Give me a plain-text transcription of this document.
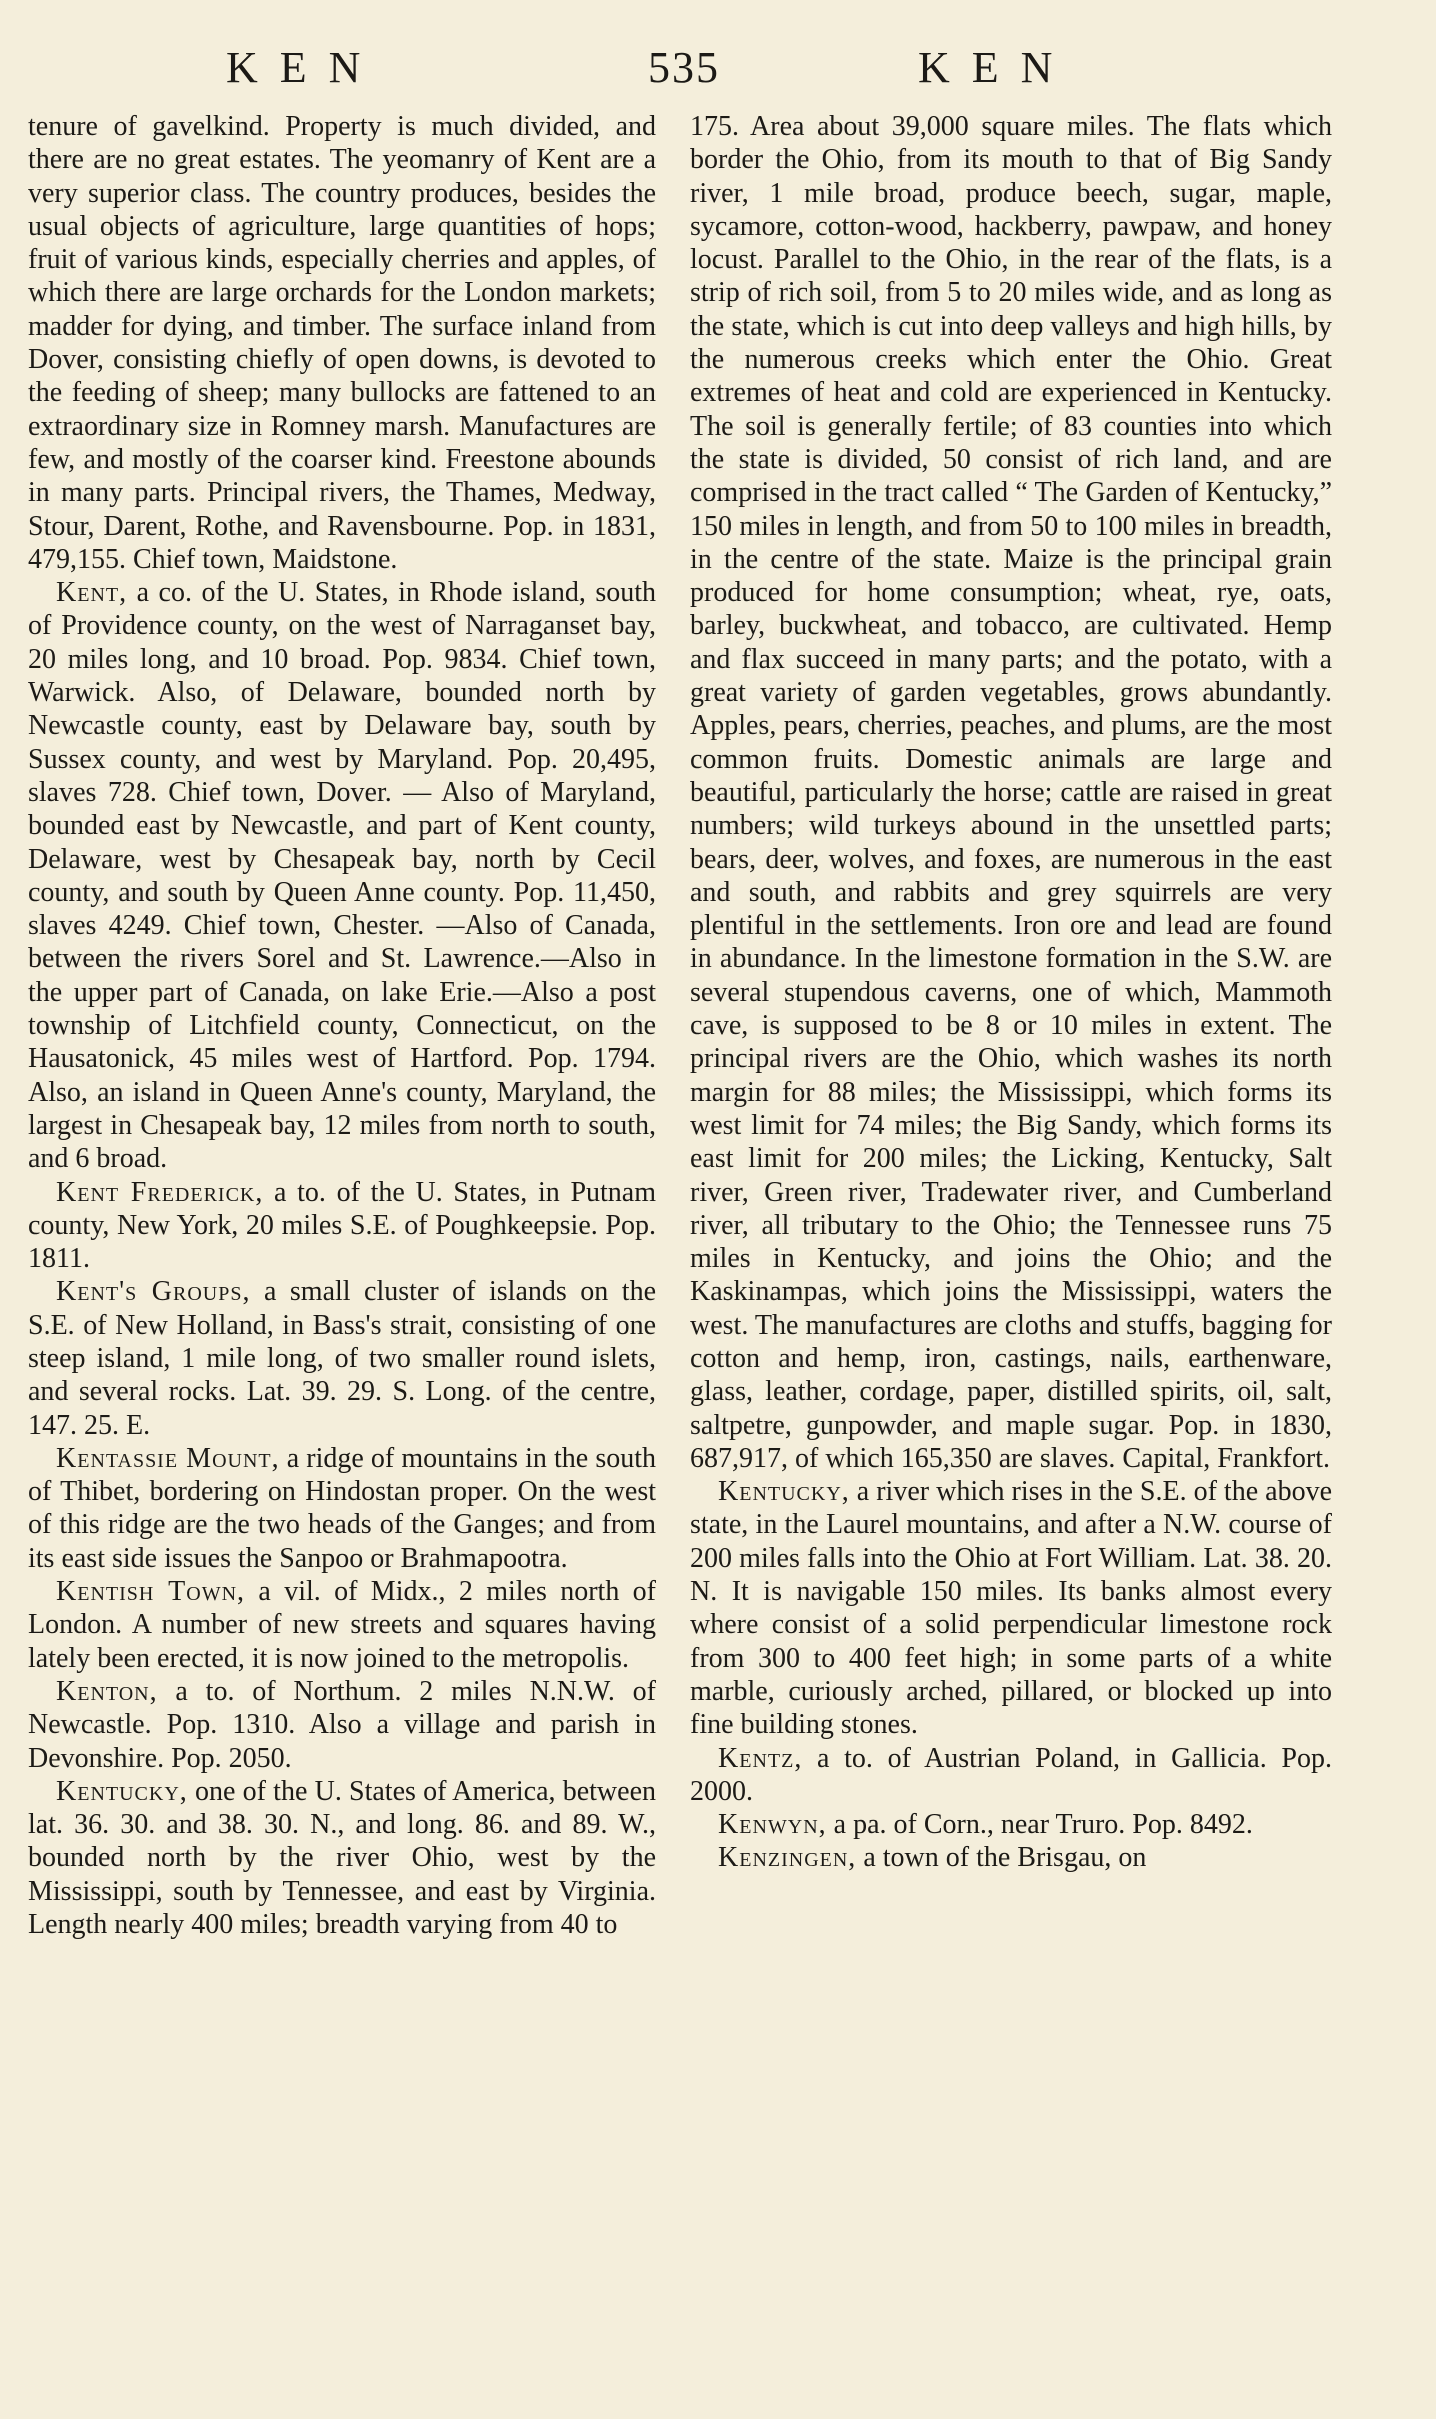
KEN	535	KEN

tenure of gavelkind. Property is much divided, and there are no great estates. The yeomanry of Kent are a very superior class. The country produces, besides the usual objects of agriculture, large quantities of hops; fruit of various kinds, especially cherries and apples, of which there are large orchards for the London markets; madder for dying, and timber. The surface inland from Dover, consisting chiefly of open downs, is devoted to the feeding of sheep; many bullocks are fattened to an extraordinary size in Romney marsh. Manufactures are few, and mostly of the coarser kind. Freestone abounds in many parts. Principal rivers, the Thames, Medway, Stour, Darent, Rothe, and Ravensbourne. Pop. in 1831, 479,155. Chief town, Maidstone.

Kent, a co. of the U. States, in Rhode island, south of Providence county, on the west of Narraganset bay, 20 miles long, and 10 broad. Pop. 9834. Chief town, Warwick. Also, of Delaware, bounded north by Newcastle county, east by Delaware bay, south by Sussex county, and west by Maryland. Pop. 20,495, slaves 728. Chief town, Dover. — Also of Maryland, bounded east by Newcastle, and part of Kent county, Delaware, west by Chesapeak bay, north by Cecil county, and south by Queen Anne county. Pop. 11,450, slaves 4249. Chief town, Chester. —Also of Canada, between the rivers Sorel and St. Lawrence.—Also in the upper part of Canada, on lake Erie.—Also a post township of Litchfield county, Connecticut, on the Hausatonick, 45 miles west of Hartford. Pop. 1794. Also, an island in Queen Anne's county, Maryland, the largest in Chesapeak bay, 12 miles from north to south, and 6 broad.

Kent Frederick, a to. of the U. States, in Putnam county, New York, 20 miles S.E. of Poughkeepsie. Pop. 1811.

Kent's Groups, a small cluster of islands on the S.E. of New Holland, in Bass's strait, consisting of one steep island, 1 mile long, of two smaller round islets, and several rocks. Lat. 39. 29. S. Long. of the centre, 147. 25. E.

Kentassie Mount, a ridge of mountains in the south of Thibet, bordering on Hindostan proper. On the west of this ridge are the two heads of the Ganges; and from its east side issues the Sanpoo or Brahmapootra.

Kentish Town, a vil. of Midx., 2 miles north of London. A number of new streets and squares having lately been erected, it is now joined to the metropolis.

Kenton, a to. of Northum. 2 miles N.N.W. of Newcastle. Pop. 1310. Also a village and parish in Devonshire. Pop. 2050.

Kentucky, one of the U. States of America, between lat. 36. 30. and 38. 30. N., and long. 86. and 89. W., bounded north by the river Ohio, west by the Mississippi, south by Tennessee, and east by Virginia. Length nearly 400 miles; breadth varying from 40 to

175. Area about 39,000 square miles. The flats which border the Ohio, from its mouth to that of Big Sandy river, 1 mile broad, produce beech, sugar, maple, sycamore, cotton-wood, hackberry, pawpaw, and honey locust. Parallel to the Ohio, in the rear of the flats, is a strip of rich soil, from 5 to 20 miles wide, and as long as the state, which is cut into deep valleys and high hills, by the numerous creeks which enter the Ohio. Great extremes of heat and cold are experienced in Kentucky. The soil is generally fertile; of 83 counties into which the state is divided, 50 consist of rich land, and are comprised in the tract called “ The Garden of Kentucky,” 150 miles in length, and from 50 to 100 miles in breadth, in the centre of the state. Maize is the principal grain produced for home consumption; wheat, rye, oats, barley, buckwheat, and tobacco, are cultivated. Hemp and flax succeed in many parts; and the potato, with a great variety of garden vegetables, grows abundantly. Apples, pears, cherries, peaches, and plums, are the most common fruits. Domestic animals are large and beautiful, particularly the horse; cattle are raised in great numbers; wild turkeys abound in the unsettled parts; bears, deer, wolves, and foxes, are numerous in the east and south, and rabbits and grey squirrels are very plentiful in the settlements. Iron ore and lead are found in abundance. In the limestone formation in the S.W. are several stupendous caverns, one of which, Mammoth cave, is supposed to be 8 or 10 miles in extent. The principal rivers are the Ohio, which washes its north margin for 88 miles; the Mississippi, which forms its west limit for 74 miles; the Big Sandy, which forms its east limit for 200 miles; the Licking, Kentucky, Salt river, Green river, Tradewater river, and Cumberland river, all tributary to the Ohio; the Tennessee runs 75 miles in Kentucky, and joins the Ohio; and the Kaskinampas, which joins the Mississippi, waters the west. The manufactures are cloths and stuffs, bagging for cotton and hemp, iron, castings, nails, earthenware, glass, leather, cordage, paper, distilled spirits, oil, salt, saltpetre, gunpowder, and maple sugar. Pop. in 1830, 687,917, of which 165,350 are slaves. Capital, Frankfort.

Kentucky, a river which rises in the S.E. of the above state, in the Laurel mountains, and after a N.W. course of 200 miles falls into the Ohio at Fort William. Lat. 38. 20. N. It is navigable 150 miles. Its banks almost every where consist of a solid perpendicular limestone rock from 300 to 400 feet high; in some parts of a white marble, curiously arched, pillared, or blocked up into fine building stones.

Kentz, a to. of Austrian Poland, in Gallicia. Pop. 2000.

Kenwyn, a pa. of Corn., near Truro. Pop. 8492.

Kenzingen, a town of the Brisgau, on
